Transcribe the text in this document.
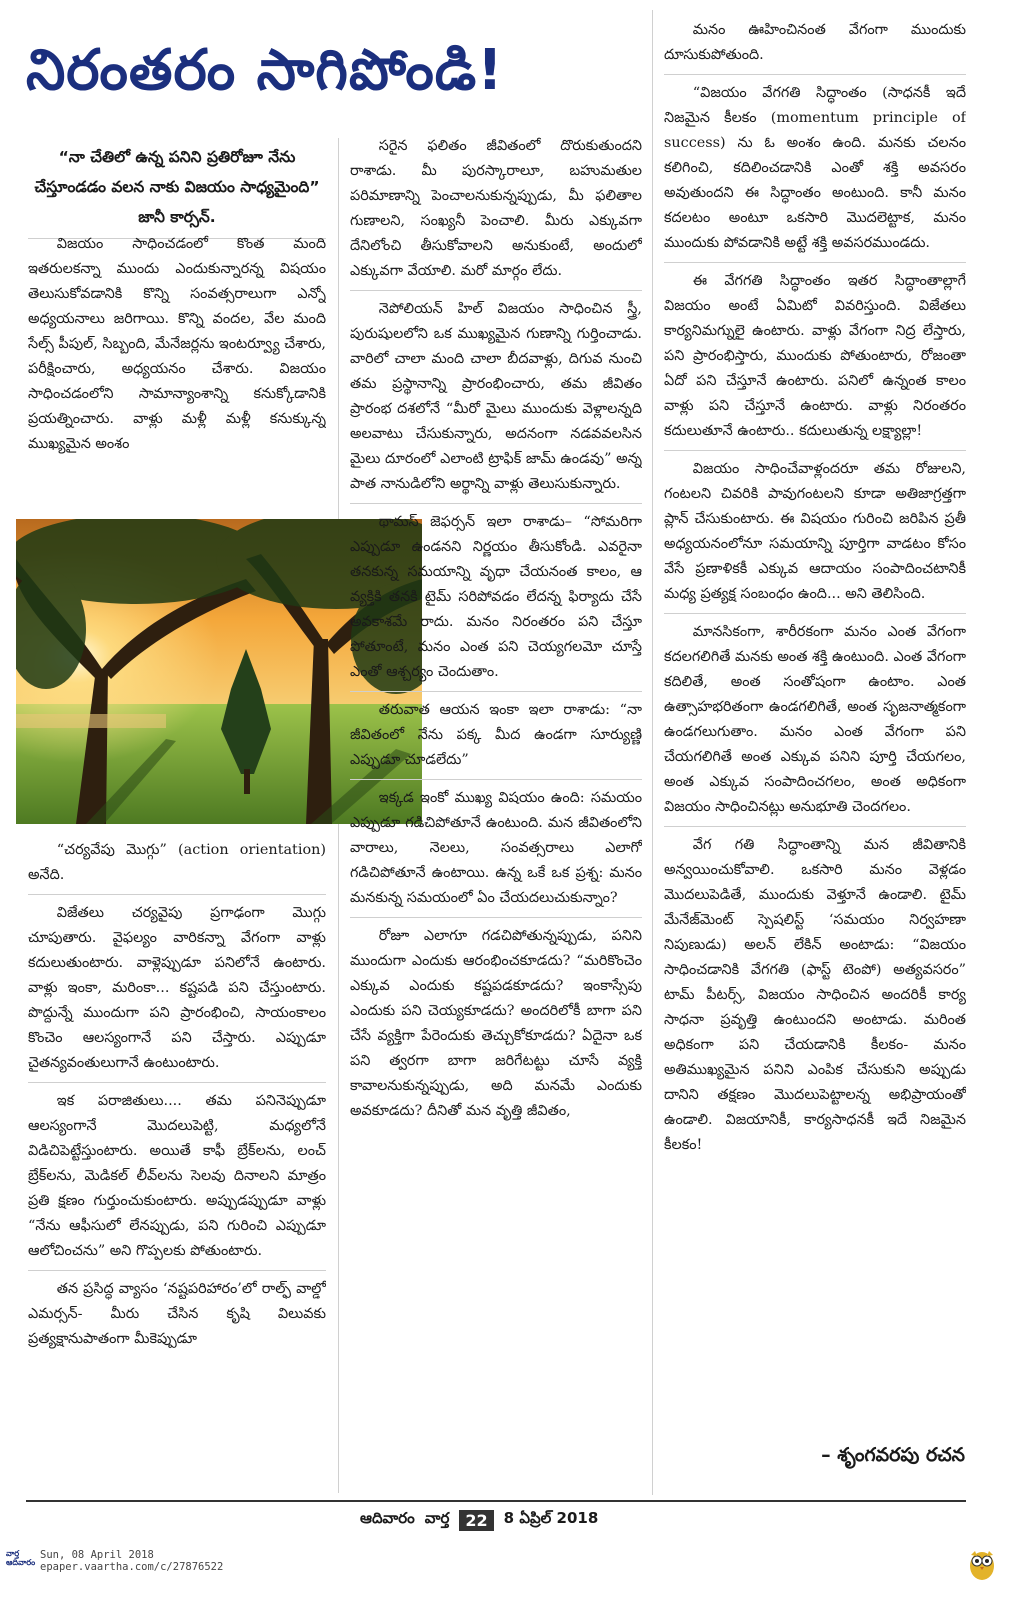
నిరంతరం సాగిపోండి!
“నా చేతిలో ఉన్న పనిని ప్రతిరోజూ నేను చేస్తూండడం వలన నాకు విజయం సాధ్యమైంది” జానీ కార్సన్.

విజయం సాధించడంలో కొంత మంది ఇతరులకన్నా ముందు ఎందుకున్నారన్న విషయం తెలుసుకోవడానికి కొన్ని సంవత్సరాలుగా ఎన్నో అధ్యయనాలు జరిగాయి. కొన్ని వందల, వేల మంది సేల్స్ పీపుల్, సిబ్బంది, మేనేజర్లను ఇంటర్వ్యూ చేశారు, పరీక్షించారు, అధ్యయనం చేశారు. విజయం సాధించడంలోని సామాన్యాంశాన్ని కనుక్కోడానికి ప్రయత్నించారు. వాళ్లు మళ్లీ మళ్లీ కనుక్కున్న ముఖ్యమైన అంశం

“చర్యవేపు మొగ్గు” (action orientation) అనేది.

విజేతలు చర్యవైపు ప్రగాఢంగా మొగ్గు చూపుతారు. వైఫల్యం వారికన్నా వేగంగా వాళ్లు కదులుతుంటారు. వాళ్లెప్పుడూ పనిలోనే ఉంటారు. వాళ్లు ఇంకా, మరింకా... కష్టపడి పని చేస్తుంటారు. పొద్దున్నే ముందుగా పని ప్రారంభించి, సాయంకాలం కొంచెం ఆలస్యంగానే పని చేస్తారు. ఎప్పుడూ చైతన్యవంతులుగానే ఉంటుంటారు.

ఇక పరాజితులు.... తమ పనినెప్పుడూ ఆలస్యంగానే మొదలుపెట్టి, మధ్యలోనే విడిచిపెట్టేస్తుంటారు. అయితే కాఫీ బ్రేక్‌లను, లంచ్ బ్రేక్‌లను, మెడికల్ లీవ్‌లను సెలవు దినాలని మాత్రం ప్రతి క్షణం గుర్తుంచుకుంటారు. అప్పుడప్పుడూ వాళ్లు “నేను ఆఫీసులో లేనప్పుడు, పని గురించి ఎప్పుడూ ఆలోచించను” అని గొప్పలకు పోతుంటారు.

తన ప్రసిద్ధ వ్యాసం ‘నష్టపరిహారం’లో రాల్ఫ్ వాల్డో ఎమర్సన్- మీరు చేసిన కృషి విలువకు ప్రత్యక్షానుపాతంగా మీకెప్పుడూ

సరైన ఫలితం జీవితంలో దొరుకుతుందని రాశాడు. మీ పురస్కారాలూ, బహుమతుల పరిమాణాన్ని పెంచాలనుకున్నప్పుడు, మీ ఫలితాల గుణాలని, సంఖ్యనీ పెంచాలి. మీరు ఎక్కువగా దేనిలోంచి తీసుకోవాలని అనుకుంటే, అందులో ఎక్కువగా వేయాలి. మరో మార్గం లేదు.

నెపోలియన్ హిల్ విజయం సాధించిన స్త్రీ, పురుషులలోని ఒక ముఖ్యమైన గుణాన్ని గుర్తించాడు. వారిలో చాలా మంది చాలా బీదవాళ్లు, దిగువ నుంచి తమ ప్రస్థానాన్ని ప్రారంభించారు, తమ జీవితం ప్రారంభ దశలోనే “మీరో మైలు ముందుకు వెళ్లాలన్నది అలవాటు చేసుకున్నారు, అదనంగా నడవవలసిన మైలు దూరంలో ఎలాంటి ట్రాఫిక్ జామ్ ఉండవు” అన్న పాత నానుడిలోని అర్థాన్ని వాళ్లు తెలుసుకున్నారు.

థామస్ జెఫర్సన్ ఇలా రాశాడు– “సోమరిగా ఎప్పుడూ ఉండనని నిర్ణయం తీసుకోండి. ఎవరైనా తనకున్న సమయాన్ని వృధా చేయనంత కాలం, ఆ వ్యక్తికి తనకి టైమ్ సరిపోవడం లేదన్న ఫిర్యాదు చేసే అవకాశమే రాదు. మనం నిరంతరం పని చేస్తూ పోతూంటే, మనం ఎంత పని చెయ్యగలమో చూస్తే ఎంతో ఆశ్చర్యం చెందుతాం.

తరువాత ఆయన ఇంకా ఇలా రాశాడు: “నా జీవితంలో నేను పక్క మీద ఉండగా సూర్యుణ్ణి ఎప్పుడూ చూడలేదు”

ఇక్కడ ఇంకో ముఖ్య విషయం ఉంది: సమయం ఎప్పుడూ గడిచిపోతూనే ఉంటుంది. మన జీవితంలోని వారాలు, నెలలు, సంవత్సరాలు ఎలాగో గడిచిపోతూనే ఉంటాయి. ఉన్న ఒకే ఒక ప్రశ్న: మనం మనకున్న సమయంలో ఏం చేయదలుచుకున్నాం?

రోజూ ఎలాగూ గడచిపోతున్నప్పుడు, పనిని ముందుగా ఎందుకు ఆరంభించకూడదు? “మరికొంచెం ఎక్కువ ఎందుకు కష్టపడకూడదు? ఇంకాస్సేపు ఎందుకు పని చెయ్యకూడదు? అందరిలోకీ బాగా పని చేసే వ్యక్తిగా పేరెందుకు తెచ్చుకోకూడదు? ఏదైనా ఒక పని త్వరగా బాగా జరిగేటట్టు చూసే వ్యక్తి కావాలనుకున్నప్పుడు, అది మనమే ఎందుకు అవకూడదు? దీనితో మన వృత్తి జీవితం,

మనం ఊహించినంత వేగంగా ముందుకు దూసుకుపోతుంది.

“విజయం వేగగతి సిద్ధాంతం (సాధనకీ ఇదే నిజమైన కీలకం (momentum principle of success) ను ఓ అంశం ఉంది. మనకు చలనం కలిగించి, కదిలించడానికి ఎంతో శక్తి అవసరం అవుతుందని ఈ సిద్ధాంతం అంటుంది. కానీ మనం కదలటం అంటూ ఒకసారి మొదలెట్టాక, మనం ముందుకు పోవడానికి అట్టే శక్తి అవసరముండదు.

ఈ వేగగతి సిద్ధాంతం ఇతర సిద్ధాంతాల్లాగే విజయం అంటే ఏమిటో వివరిస్తుంది. విజేతలు కార్యనిమగ్నులై ఉంటారు. వాళ్లు వేగంగా నిద్ర లేస్తారు, పని ప్రారంభిస్తారు, ముందుకు పోతుంటారు, రోజంతా ఏదో పని చేస్తూనే ఉంటారు. పనిలో ఉన్నంత కాలం వాళ్లు పని చేస్తూనే ఉంటారు. వాళ్లు నిరంతరం కదులుతూనే ఉంటారు.. కదులుతున్న లక్ష్యాల్లా!

విజయం సాధించేవాళ్లందరూ తమ రోజులని, గంటలని చివరికి పావుగంటలని కూడా అతిజాగ్రత్తగా ప్లాన్ చేసుకుంటారు. ఈ విషయం గురించి జరిపిన ప్రతీ అధ్యయనంలోనూ సమయాన్ని పూర్తిగా వాడటం కోసం వేసే ప్రణాళికకీ ఎక్కువ ఆదాయం సంపాదించటానికీ మధ్య ప్రత్యక్ష సంబంధం ఉంది... అని తెలిసింది.

మానసికంగా, శారీరకంగా మనం ఎంత వేగంగా కదలగలిగితే మనకు అంత శక్తి ఉంటుంది. ఎంత వేగంగా కదిలితే, అంత సంతోషంగా ఉంటాం. ఎంత ఉత్సాహభరితంగా ఉండగలిగితే, అంత సృజనాత్మకంగా ఉండగలుగుతాం. మనం ఎంత వేగంగా పని చేయగలిగితే అంత ఎక్కువ పనిని పూర్తి చేయగలం, అంత ఎక్కువ సంపాదించగలం, అంత అధికంగా విజయం సాధించినట్లు అనుభూతి చెందగలం.

వేగ గతి సిద్ధాంతాన్ని మన జీవితానికి అన్వయించుకోవాలి. ఒకసారి మనం వెళ్లడం మొదలుపెడితే, ముందుకు వెళ్తూనే ఉండాలి. టైమ్ మేనేజ్‌మెంట్ స్పెషలిస్ట్ ‘సమయం నిర్వహణా నిపుణుడు) అలన్ లేకిన్ అంటాడు: “విజయం సాధించడానికి వేగగతి (ఫాస్ట్ టెంపో) అత్యవసరం” టామ్ పీటర్స్, విజయం సాధించిన అందరికీ కార్య సాధనా ప్రవృత్తి ఉంటుందని అంటాడు. మరింత అధికంగా పని చేయడానికి కీలకం- మనం అతిముఖ్యమైన పనిని ఎంపిక చేసుకుని అప్పుడు దానిని తక్షణం మొదలుపెట్టాలన్న అభిప్రాయంతో ఉండాలి. విజయానికీ, కార్యసాధనకీ ఇదే నిజమైన కీలకం!

– శృంగవరపు రచన
ఆదివారం వార్త	22	8 ఏప్రిల్ 2018
వార్త
ఆదివారం
Sun, 08 April 2018
epaper.vaartha.com/c/27876522
